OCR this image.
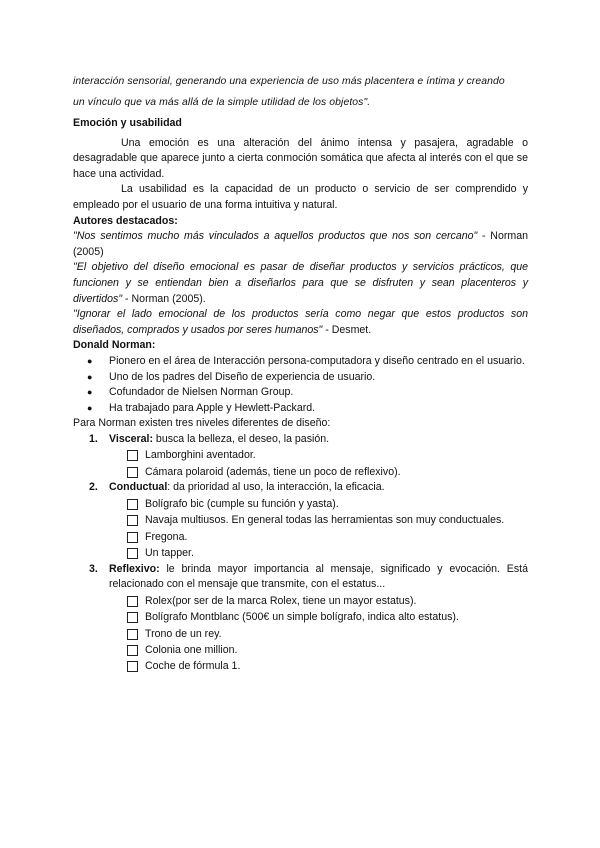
interacción sensorial, generando una experiencia de uso más placentera e íntima y creando

un vínculo que va más allá de la simple utilidad de los objetos".

Emoción y usabilidad

Una emoción es una alteración del ánimo intensa y pasajera, agradable o desagradable que aparece junto a cierta conmoción somática que afecta al interés con el que se hace una actividad.

La usabilidad es la capacidad de un producto o servicio de ser comprendido y empleado por el usuario de una forma intuitiva y natural.

Autores destacados:

"Nos sentimos mucho más vinculados a aquellos productos que nos son cercano" - Norman (2005)

"El objetivo del diseño emocional es pasar de diseñar productos y servicios prácticos, que funcionen y se entiendan bien a diseñarlos para que se disfruten y sean placenteros y divertidos" - Norman (2005).

"Ignorar el lado emocional de los productos sería como negar que estos productos son diseñados, comprados y usados por seres humanos" - Desmet.

Donald Norman:

● Pionero en el área de Interacción persona-computadora y diseño centrado en el usuario.
● Uno de los padres del Diseño de experiencia de usuario.
● Cofundador de Nielsen Norman Group.
● Ha trabajado para Apple y Hewlett-Packard.

Para Norman existen tres niveles diferentes de diseño:

1. Visceral: busca la belleza, el deseo, la pasión.
Lamborghini aventador.
Cámara polaroid (además, tiene un poco de reflexivo).
2. Conductual: da prioridad al uso, la interacción, la eficacia.
Bolígrafo bic (cumple su función y yasta).
Navaja multiusos. En general todas las herramientas son muy conductuales.
Fregona.
Un tapper.
3. Reflexivo: le brinda mayor importancia al mensaje, significado y evocación. Está relacionado con el mensaje que transmite, con el estatus...
Rolex(por ser de la marca Rolex, tiene un mayor estatus).
Bolígrafo Montblanc (500€ un simple bolígrafo, indica alto estatus).
Trono de un rey.
Colonia one million.
Coche de fórmula 1.
